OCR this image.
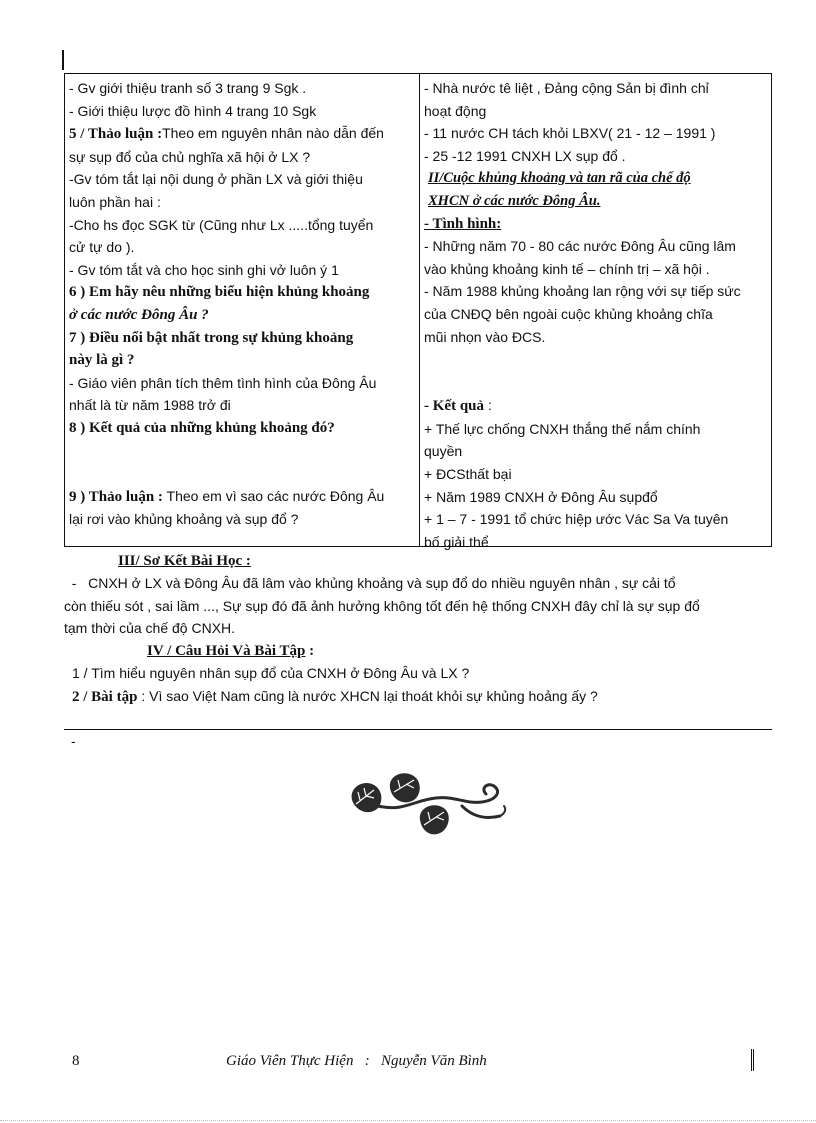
- Gv giới thiệu tranh số 3 trang 9 Sgk .
- Giới thiệu lược đồ hình 4 trang 10 Sgk
5 / Thảo luận :Theo em nguyên nhân nào dẫn đến
sự sụp đổ của chủ nghĩa xã hội ở LX ?
-Gv tóm tắt lại nội dung ở phần LX và giới thiệu
luôn phần hai :
-Cho hs đọc SGK từ (Cũng như Lx .....tổng tuyển
cử tự do ).
- Gv tóm tắt và cho học sinh ghi vở luôn ý 1
6 ) Em hãy nêu những biểu hiện khủng khoảng
ở các nước Đông Âu ?
7 ) Điều nổi bật nhất trong sự khủng khoảng
này là gì ?
- Giáo viên phân tích thêm tình hình của Đông Âu
nhất là từ năm 1988 trở đi
8 ) Kết quả của những khủng khoảng đó?
9 ) Thảo luận : Theo em vì sao các nước Đông Âu
lại rơi vào khủng khoảng và sụp đổ ?
- Nhà nước tê liệt , Đảng cộng Sản bị đình chỉ
hoạt động
- 11 nước CH tách khỏi LBXV( 21 - 12 – 1991 )
- 25 -12 1991 CNXH LX sụp đổ .
II/Cuộc khủng khoảng và tan rã của chế độ
XHCN ở các nước Đông Âu.
- Tình hình:
- Những năm 70 - 80 các nước Đông Âu cũng lâm
vào khủng khoảng kinh tế – chính trị – xã hội .
- Năm 1988 khủng khoảng lan rộng với sự tiếp sức
của CNĐQ bên ngoài cuộc khủng khoảng chĩa
mũi nhọn vào ĐCS.
- Kết quả :
+ Thế lực chống CNXH thắng thế nắm chính
quyền
+ ĐCSthất bại
+ Năm 1989 CNXH ở Đông Âu sụpđổ
+ 1 – 7 - 1991 tổ chức hiệp ước Vác Sa Va tuyên
bố giải thể
III/ Sơ Kết Bài Học :
-   CNXH ở LX và Đông Âu đã lâm vào khủng khoảng và sụp đổ do nhiều nguyên nhân , sự cải tổ
còn thiếu sót , sai lầm ..., Sự sụp đó đã ảnh hưởng không tốt đến hệ thống CNXH đây chỉ là sự sụp đổ
tạm thời của chế độ CNXH.
IV / Câu Hỏi Và Bài Tập :
1 / Tìm hiểu nguyên nhân sụp đổ của CNXH ở Đông Âu và LX ?
2 / Bài tập : Vì sao Việt Nam cũng là nước XHCN lại thoát khỏi sự khủng hoảng ấy ?
-
8	Giáo Viên Thực Hiện   :   Nguyễn Văn Bình
